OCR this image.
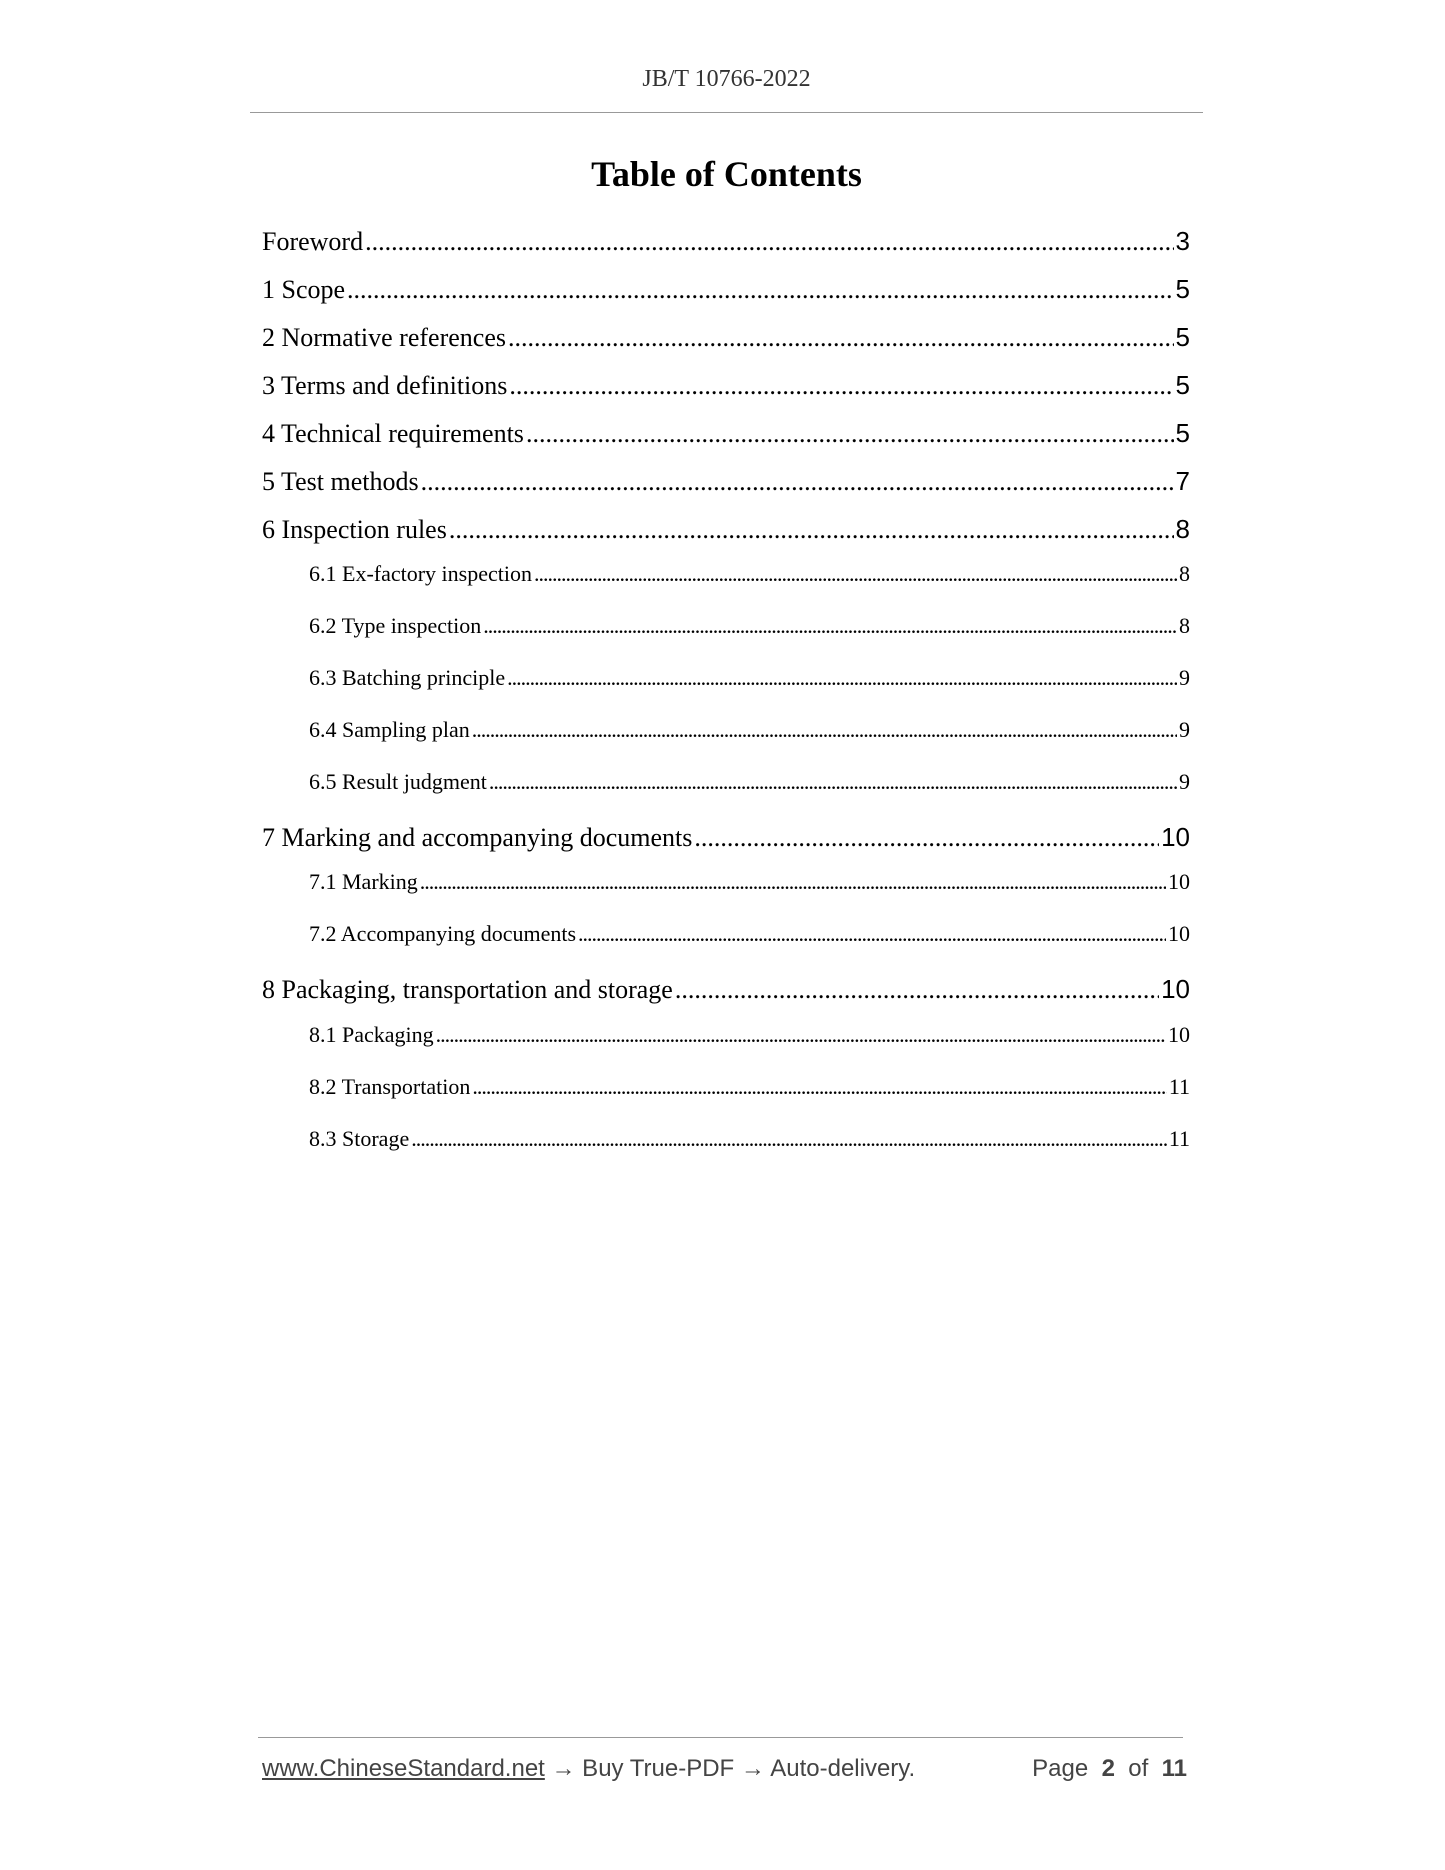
JB/T 10766-2022
Table of Contents
Foreword .....	3
1 Scope .....	5
2 Normative references .....	5
3 Terms and definitions .....	5
4 Technical requirements .....	5
5 Test methods .....	7
6 Inspection rules .....	8
6.1 Ex-factory inspection .....	8
6.2 Type inspection .....	8
6.3 Batching principle .....	9
6.4 Sampling plan .....	9
6.5 Result judgment .....	9
7 Marking and accompanying documents .....	10
7.1 Marking .....	10
7.2 Accompanying documents .....	10
8 Packaging, transportation and storage .....	10
8.1 Packaging .....	10
8.2 Transportation .....	11
8.3 Storage .....	11
www.ChineseStandard.net → Buy True-PDF → Auto-delivery.	Page 2 of 11
